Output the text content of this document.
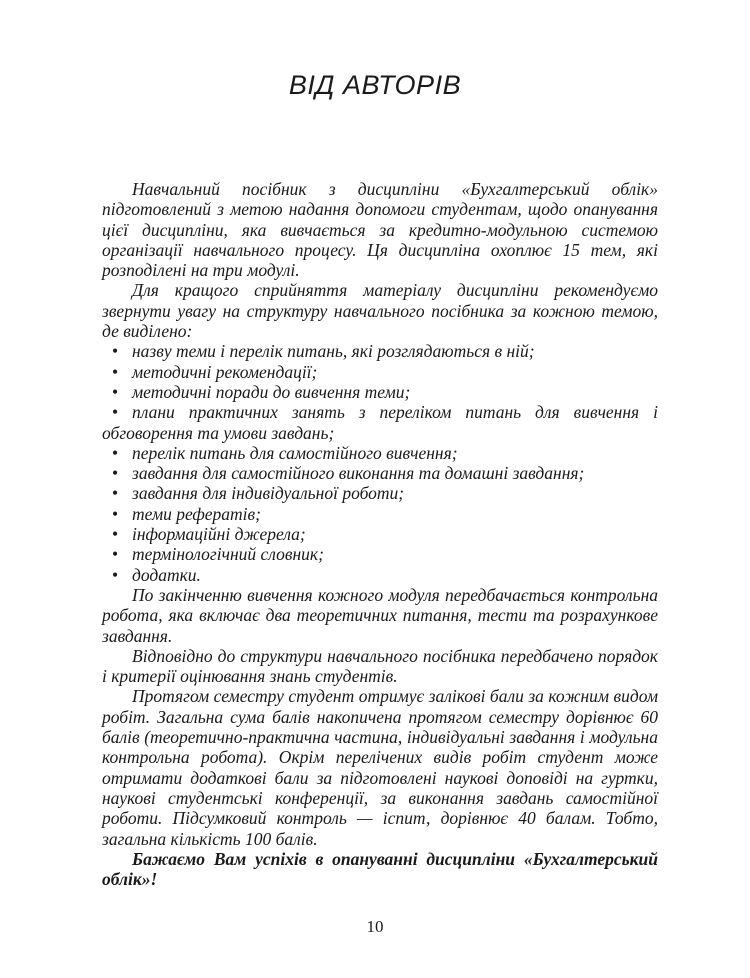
ВІД АВТОРІВ

Навчальний посібник з дисципліни «Бухгалтерський облік» підготовлений з метою надання допомоги студентам, щодо опанування цієї дисципліни, яка вивчається за кредитно-модульною системою організації навчального процесу. Ця дисципліна охоплює 15 тем, які розподілені на три модулі.

Для кращого сприйняття матеріалу дисципліни рекомендуємо звернути увагу на структуру навчального посібника за кожною темою, де виділено:

• назву теми і перелік питань, які розглядаються в ній;
• методичні рекомендації;
• методичні поради до вивчення теми;
• плани практичних занять з переліком питань для вивчення і обговорення та умови завдань;
• перелік питань для самостійного вивчення;
• завдання для самостійного виконання та домашні завдання;
• завдання для індивідуальної роботи;
• теми рефератів;
• інформаційні джерела;
• термінологічний словник;
• додатки.

По закінченню вивчення кожного модуля передбачається контрольна робота, яка включає два теоретичних питання, тести та розрахункове завдання.

Відповідно до структури навчального посібника передбачено порядок і критерії оцінювання знань студентів.

Протягом семестру студент отримує залікові бали за кожним видом робіт. Загальна сума балів накопичена протягом семестру дорівнює 60 балів (теоретично-практична частина, індивідуальні завдання і модульна контрольна робота). Окрім перелічених видів робіт студент може отримати додаткові бали за підготовлені наукові доповіді на гуртки, наукові студентські конференції, за виконання завдань самостійної роботи. Підсумковий контроль — іспит, дорівнює 40 балам. Тобто, загальна кількість 100 балів.

Бажаємо Вам успіхів в опануванні дисципліни «Бухгалтерський облік»!

10
